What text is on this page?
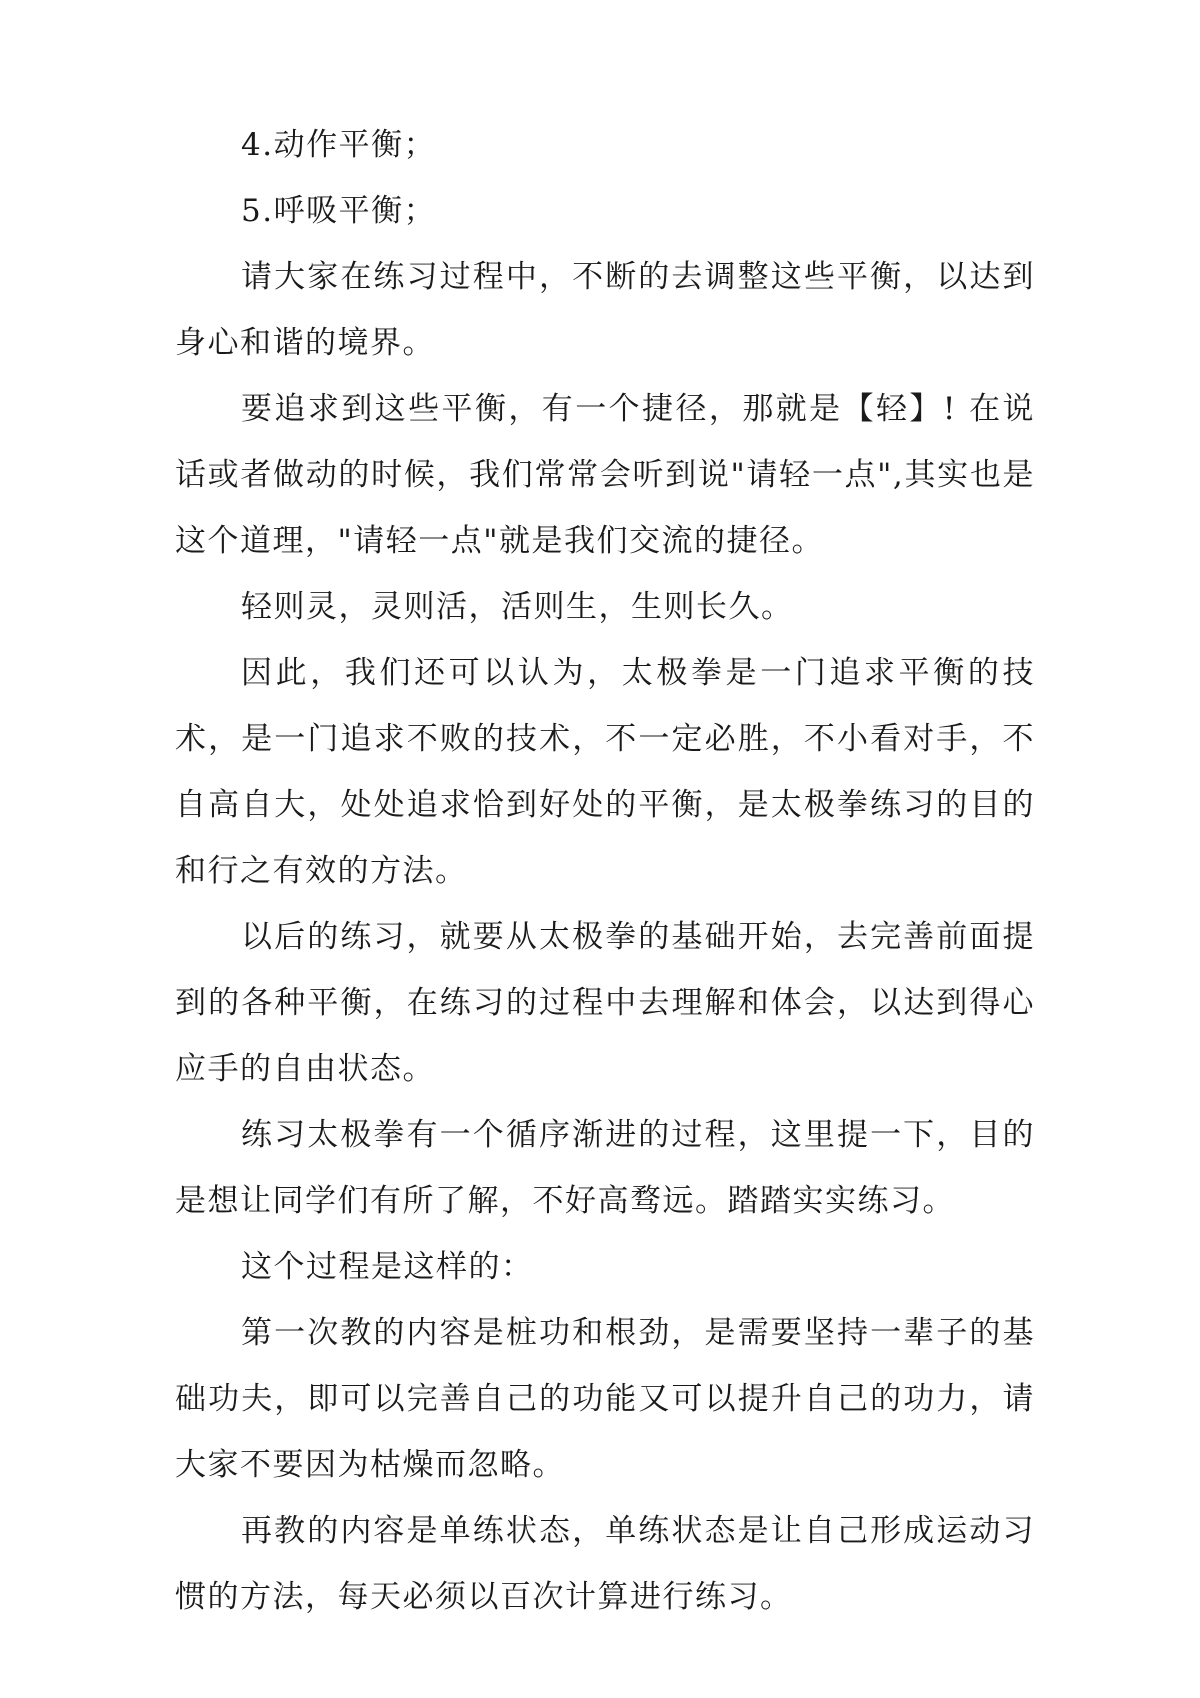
4.动作平衡；

5.呼吸平衡；

请大家在练习过程中，不断的去调整这些平衡，以达到身心和谐的境界。

要追求到这些平衡，有一个捷径，那就是【轻】! 在说话或者做动的时候，我们常常会听到说"请轻一点",其实也是这个道理，"请轻一点"就是我们交流的捷径。

轻则灵，灵则活，活则生，生则长久。

因此，我们还可以认为，太极拳是一门追求平衡的技术，是一门追求不败的技术，不一定必胜，不小看对手，不自高自大，处处追求恰到好处的平衡，是太极拳练习的目的和行之有效的方法。

以后的练习，就要从太极拳的基础开始，去完善前面提到的各种平衡，在练习的过程中去理解和体会，以达到得心应手的自由状态。

练习太极拳有一个循序渐进的过程，这里提一下，目的是想让同学们有所了解，不好高骛远。踏踏实实练习。

这个过程是这样的：

第一次教的内容是桩功和根劲，是需要坚持一辈子的基础功夫，即可以完善自己的功能又可以提升自己的功力，请大家不要因为枯燥而忽略。

再教的内容是单练状态，单练状态是让自己形成运动习惯的方法，每天必须以百次计算进行练习。
